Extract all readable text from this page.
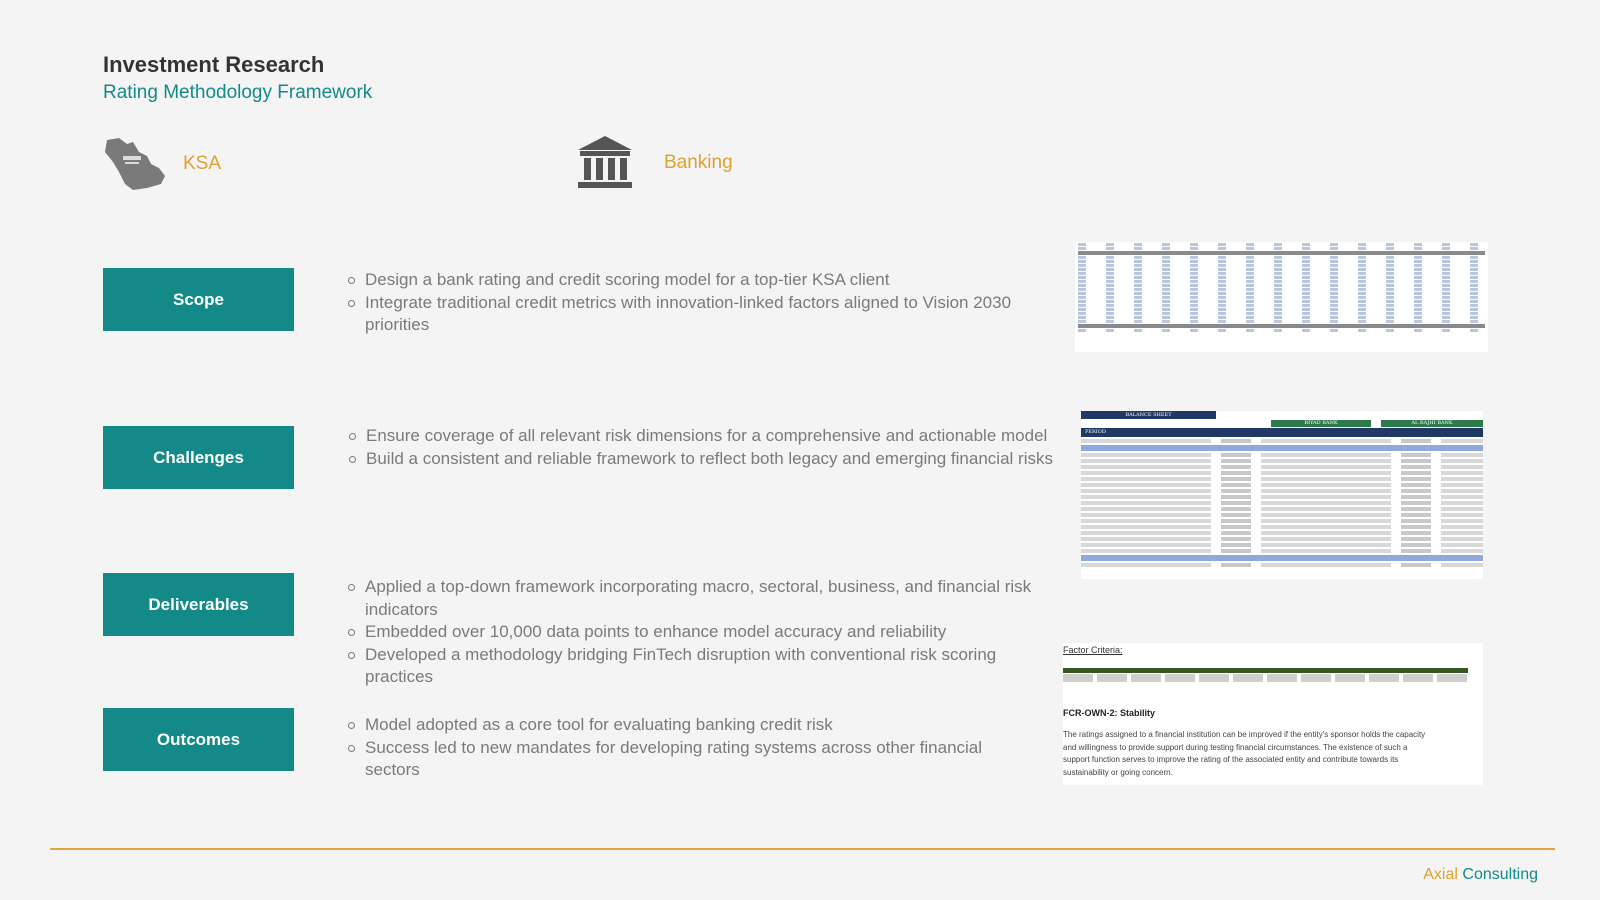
Investment Research
Rating Methodology Framework
KSA	Banking
Scope
Design a bank rating and credit scoring model for a top-tier KSA client
Integrate traditional credit metrics with innovation-linked factors aligned to Vision 2030 priorities
Challenges
Ensure coverage of all relevant risk dimensions for a comprehensive and actionable model
Build a consistent and reliable framework to reflect both legacy and emerging financial risks
Deliverables
Applied a top-down framework incorporating macro, sectoral, business, and financial risk indicators
Embedded over 10,000 data points to enhance model accuracy and reliability
Developed a methodology bridging FinTech disruption with conventional risk scoring practices
Outcomes
Model adopted as a core tool for evaluating banking credit risk
Success led to new mandates for developing rating systems across other financial sectors
BALANCE SHEET
RIYAD BANK	AL RAJHI BANK
PERIOD
Factor Criteria:
FCR-OWN-2: Stability
The ratings assigned to a financial institution can be improved if the entity's sponsor holds the capacity and willingness to provide support during testing financial circumstances. The existence of such a support function serves to improve the rating of the associated entity and contribute towards its sustainability or going concern.
Axial Consulting
